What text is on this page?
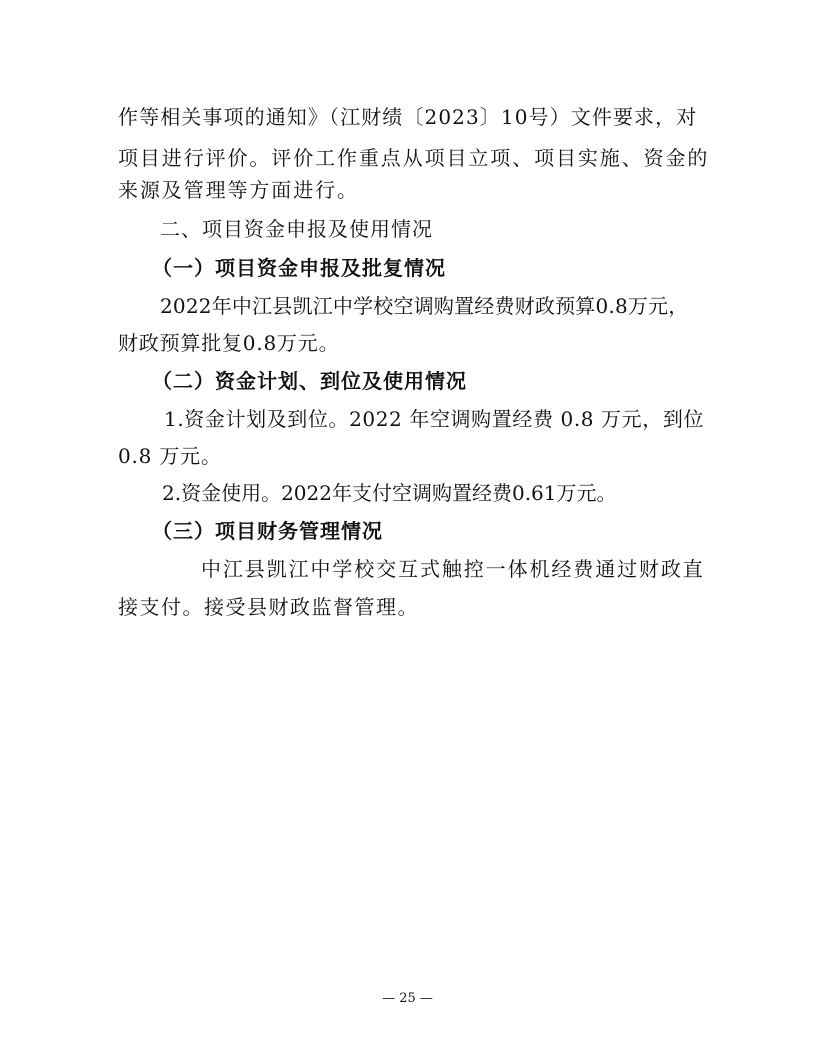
作等相关事项的通知》（江财绩〔2023〕10号）文件要求，对
项目进行评价。评价工作重点从项目立项、项目实施、资金的
来源及管理等方面进行。
二、项目资金申报及使用情况
（一）项目资金申报及批复情况
2022年中江县凯江中学校空调购置经费财政预算0.8万元，
财政预算批复0.8万元。
（二）资金计划、到位及使用情况
1.资金计划及到位。2022 年空调购置经费 0.8 万元，到位
0.8 万元。
2.资金使用。2022年支付空调购置经费0.61万元。
（三）项目财务管理情况
中江县凯江中学校交互式触控一体机经费通过财政直
接支付。接受县财政监督管理。
— 25 —
